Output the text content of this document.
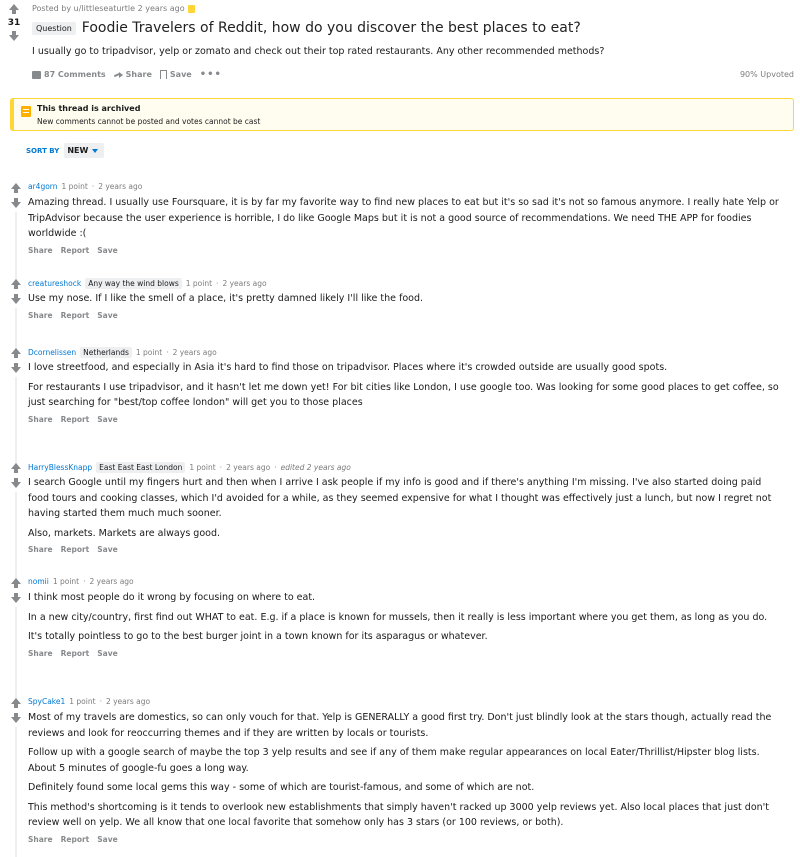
31
Posted by u/littleseaturtle 2 years ago
Question Foodie Travelers of Reddit, how do you discover the best places to eat?
I usually go to tripadvisor, yelp or zomato and check out their top rated restaurants. Any other recommended methods?
87 Comments	Share Save •••	90% Upvoted
This thread is archived
New comments cannot be posted and votes cannot be cast
SORT BY NEW
ar4gorn 1 point · 2 years ago

Amazing thread. I usually use Foursquare, it is by far my favorite way to find new places to eat but it's so sad it's not so famous anymore. I really hate Yelp or TripAdvisor because the user experience is horrible, I do like Google Maps but it is not a good source of recommendations. We need THE APP for foodies worldwide :(

Share Report Save
creatureshock Any way the wind blows 1 point · 2 years ago

Use my nose. If I like the smell of a place, it's pretty damned likely I'll like the food.

Share Report Save
Dcornelissen Netherlands 1 point · 2 years ago

I love streetfood, and especially in Asia it's hard to find those on tripadvisor. Places where it's crowded outside are usually good spots.

For restaurants I use tripadvisor, and it hasn't let me down yet! For bit cities like London, I use google too. Was looking for some good places to get coffee, so just searching for "best/top coffee london" will get you to those places

Share Report Save
HarryBlessKnapp East East East London 1 point · 2 years ago · edited 2 years ago

I search Google until my fingers hurt and then when I arrive I ask people if my info is good and if there's anything I'm missing. I've also started doing paid food tours and cooking classes, which I'd avoided for a while, as they seemed expensive for what I thought was effectively just a lunch, but now I regret not having started them much much sooner.

Also, markets. Markets are always good.

Share Report Save
nomii 1 point · 2 years ago

I think most people do it wrong by focusing on where to eat.

In a new city/country, first find out WHAT to eat. E.g. if a place is known for mussels, then it really is less important where you get them, as long as you do.

It's totally pointless to go to the best burger joint in a town known for its asparagus or whatever.

Share Report Save
SpyCake1 1 point · 2 years ago

Most of my travels are domestics, so can only vouch for that. Yelp is GENERALLY a good first try. Don't just blindly look at the stars though, actually read the reviews and look for reoccurring themes and if they are written by locals or tourists.

Follow up with a google search of maybe the top 3 yelp results and see if any of them make regular appearances on local Eater/Thrillist/Hipster blog lists. About 5 minutes of google-fu goes a long way.

Definitely found some local gems this way - some of which are tourist-famous, and some of which are not.

This method's shortcoming is it tends to overlook new establishments that simply haven't racked up 3000 yelp reviews yet. Also local places that just don't review well on yelp. We all know that one local favorite that somehow only has 3 stars (or 100 reviews, or both).

Share Report Save
